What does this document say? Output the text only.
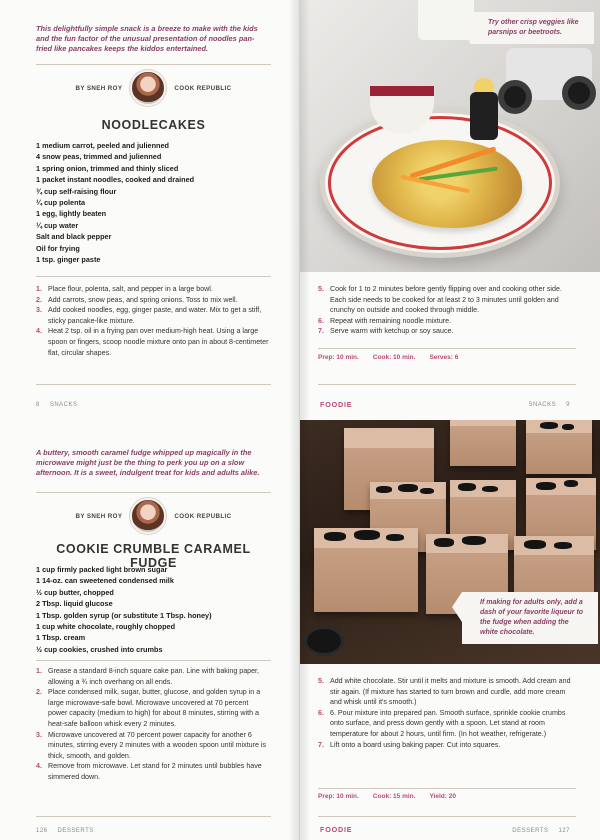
This delightfully simple snack is a breeze to make with the kids and the fun factor of the unusual presentation of noodles pan-fried like pancakes keeps the kiddos entertained.

BY SNEH ROY	COOK REPUBLIC
NOODLECAKES
1 medium carrot, peeled and julienned
4 snow peas, trimmed and julienned
1 spring onion, trimmed and thinly sliced
1 packet instant noodles, cooked and drained
¾ cup self-raising flour
¼ cup polenta
1 egg, lightly beaten
¼ cup water
Salt and black pepper
Oil for frying
1 tsp. ginger paste
1. Place flour, polenta, salt, and pepper in a large bowl.
2. Add carrots, snow peas, and spring onions. Toss to mix well.
3. Add cooked noodles, egg, ginger paste, and water. Mix to get a stiff, sticky pancake-like mixture.
4. Heat 2 tsp. oil in a frying pan over medium-high heat. Using a large spoon or fingers, scoop noodle mixture onto pan in about 8-centimeter flat, circular shapes.
8 SNACKS
Try other crisp veggies like parsnips or beetroots.
5. Cook for 1 to 2 minutes before gently flipping over and cooking other side. Each side needs to be cooked for at least 2 to 3 minutes until golden and crunchy on outside and cooked through middle.
6. Repeat with remaining noodle mixture.
7. Serve warm with ketchup or soy sauce.
Prep: 10 min. Cook: 10 min. Serves: 6
FOODIE	SNACKS 9

A buttery, smooth caramel fudge whipped up magically in the microwave might just be the thing to perk you up on a slow afternoon. It is a sweet, indulgent treat for kids and adults alike.

BY SNEH ROY	COOK REPUBLIC
COOKIE CRUMBLE CARAMEL FUDGE
1 cup firmly packed light brown sugar
1 14-oz. can sweetened condensed milk
½ cup butter, chopped
2 Tbsp. liquid glucose
1 Tbsp. golden syrup (or substitute 1 Tbsp. honey)
1 cup white chocolate, roughly chopped
1 Tbsp. cream
½ cup cookies, crushed into crumbs
1. Grease a standard 8-inch square cake pan. Line with baking paper, allowing a ¾ inch overhang on all ends.
2. Place condensed milk, sugar, butter, glucose, and golden syrup in a large microwave-safe bowl. Microwave uncovered at 70 percent power capacity (medium to high) for about 8 minutes, stirring with a heat-safe balloon whisk every 2 minutes.
3. Microwave uncovered at 70 percent power capacity for another 6 minutes, stirring every 2 minutes with a wooden spoon until mixture is thick, smooth, and golden.
4. Remove from microwave. Let stand for 2 minutes until bubbles have simmered down.
126 DESSERTS
If making for adults only, add a dash of your favorite liqueur to the fudge when adding the white chocolate.
5. Add white chocolate. Stir until it melts and mixture is smooth. Add cream and stir again. (If mixture has started to turn brown and curdle, add more cream and whisk until it's smooth.)
6. 6. Pour mixture into prepared pan. Smooth surface, sprinkle cookie crumbs onto surface, and press down gently with a spoon. Let stand at room temperature for about 2 hours, until firm. (In hot weather, refrigerate.)
7. Lift onto a board using baking paper. Cut into squares.
Prep: 10 min. Cook: 15 min. Yield: 20
FOODIE	DESSERTS 127
